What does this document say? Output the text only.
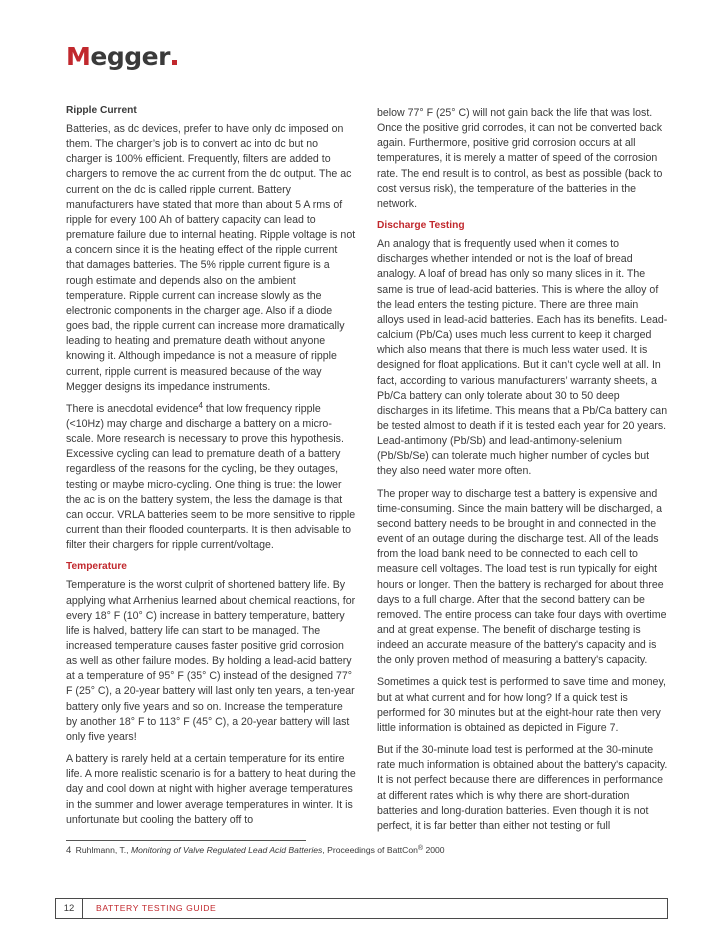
Megger
Ripple Current

Batteries, as dc devices, prefer to have only dc imposed on them. The charger’s job is to convert ac into dc but no charger is 100% efficient. Frequently, filters are added to chargers to remove the ac current from the dc output. The ac current on the dc is called ripple current. Battery manufacturers have stated that more than about 5 A rms of ripple for every 100 Ah of battery capacity can lead to premature failure due to internal heating. Ripple voltage is not a concern since it is the heating effect of the ripple current that damages batteries. The 5% ripple current figure is a rough estimate and depends also on the ambient temperature. Ripple current can increase slowly as the electronic components in the charger age. Also if a diode goes bad, the ripple current can increase more dramatically leading to heating and premature death without anyone knowing it. Although impedance is not a measure of ripple current, ripple current is measured because of the way Megger designs its impedance instruments.

There is anecdotal evidence$^4$ that low frequency ripple (<10Hz) may charge and discharge a battery on a micro-scale. More research is necessary to prove this hypothesis. Excessive cycling can lead to premature death of a battery regardless of the reasons for the cycling, be they outages, testing or maybe micro-cycling. One thing is true: the lower the ac is on the battery system, the less the damage is that can occur. VRLA batteries seem to be more sensitive to ripple current than their flooded counterparts. It is then advisable to filter their chargers for ripple current/voltage.

Temperature

Temperature is the worst culprit of shortened battery life. By applying what Arrhenius learned about chemical reactions, for every 18° F (10° C) increase in battery temperature, battery life is halved, battery life can start to be managed. The increased temperature causes faster positive grid corrosion as well as other failure modes. By holding a lead-acid battery at a temperature of 95° F (35° C) instead of the designed 77° F (25° C), a 20-year battery will last only ten years, a ten-year battery only five years and so on. Increase the temperature by another 18° F to 113° F (45° C), a 20-year battery will last only five years!

A battery is rarely held at a certain temperature for its entire life. A more realistic scenario is for a battery to heat during the day and cool down at night with higher average temperatures in the summer and lower average temperatures in winter. It is unfortunate but cooling the battery off to

below 77° F (25° C) will not gain back the life that was lost. Once the positive grid corrodes, it can not be converted back again. Furthermore, positive grid corrosion occurs at all temperatures, it is merely a matter of speed of the corrosion rate. The end result is to control, as best as possible (back to cost versus risk), the temperature of the batteries in the network.

Discharge Testing

An analogy that is frequently used when it comes to discharges whether intended or not is the loaf of bread analogy. A loaf of bread has only so many slices in it. The same is true of lead-acid batteries. This is where the alloy of the lead enters the testing picture. There are three main alloys used in lead-acid batteries. Each has its benefits. Lead-calcium (Pb/Ca) uses much less current to keep it charged which also means that there is much less water used. It is designed for float applications. But it can’t cycle well at all. In fact, according to various manufacturers’ warranty sheets, a Pb/Ca battery can only tolerate about 30 to 50 deep discharges in its lifetime. This means that a Pb/Ca battery can be tested almost to death if it is tested each year for 20 years. Lead-antimony (Pb/Sb) and lead-antimony-selenium (Pb/Sb/Se) can tolerate much higher number of cycles but they also need water more often.

The proper way to discharge test a battery is expensive and time-consuming. Since the main battery will be discharged, a second battery needs to be brought in and connected in the event of an outage during the discharge test. All of the leads from the load bank need to be connected to each cell to measure cell voltages. The load test is run typically for eight hours or longer. Then the battery is recharged for about three days to a full charge. After that the second battery can be removed. The entire process can take four days with overtime and at great expense. The benefit of discharge testing is indeed an accurate measure of the battery's capacity and is the only proven method of measuring a battery's capacity.

Sometimes a quick test is performed to save time and money, but at what current and for how long? If a quick test is performed for 30 minutes but at the eight-hour rate then very little information is obtained as depicted in Figure 7.

But if the 30-minute load test is performed at the 30-minute rate much information is obtained about the battery's capacity. It is not perfect because there are differences in performance at different rates which is why there are short-duration batteries and long-duration batteries. Even though it is not perfect, it is far better than either not testing or full

4 Ruhlmann, T., Monitoring of Valve Regulated Lead Acid Batteries, Proceedings of BattCon® 2000
12	BATTERY TESTING GUIDE
